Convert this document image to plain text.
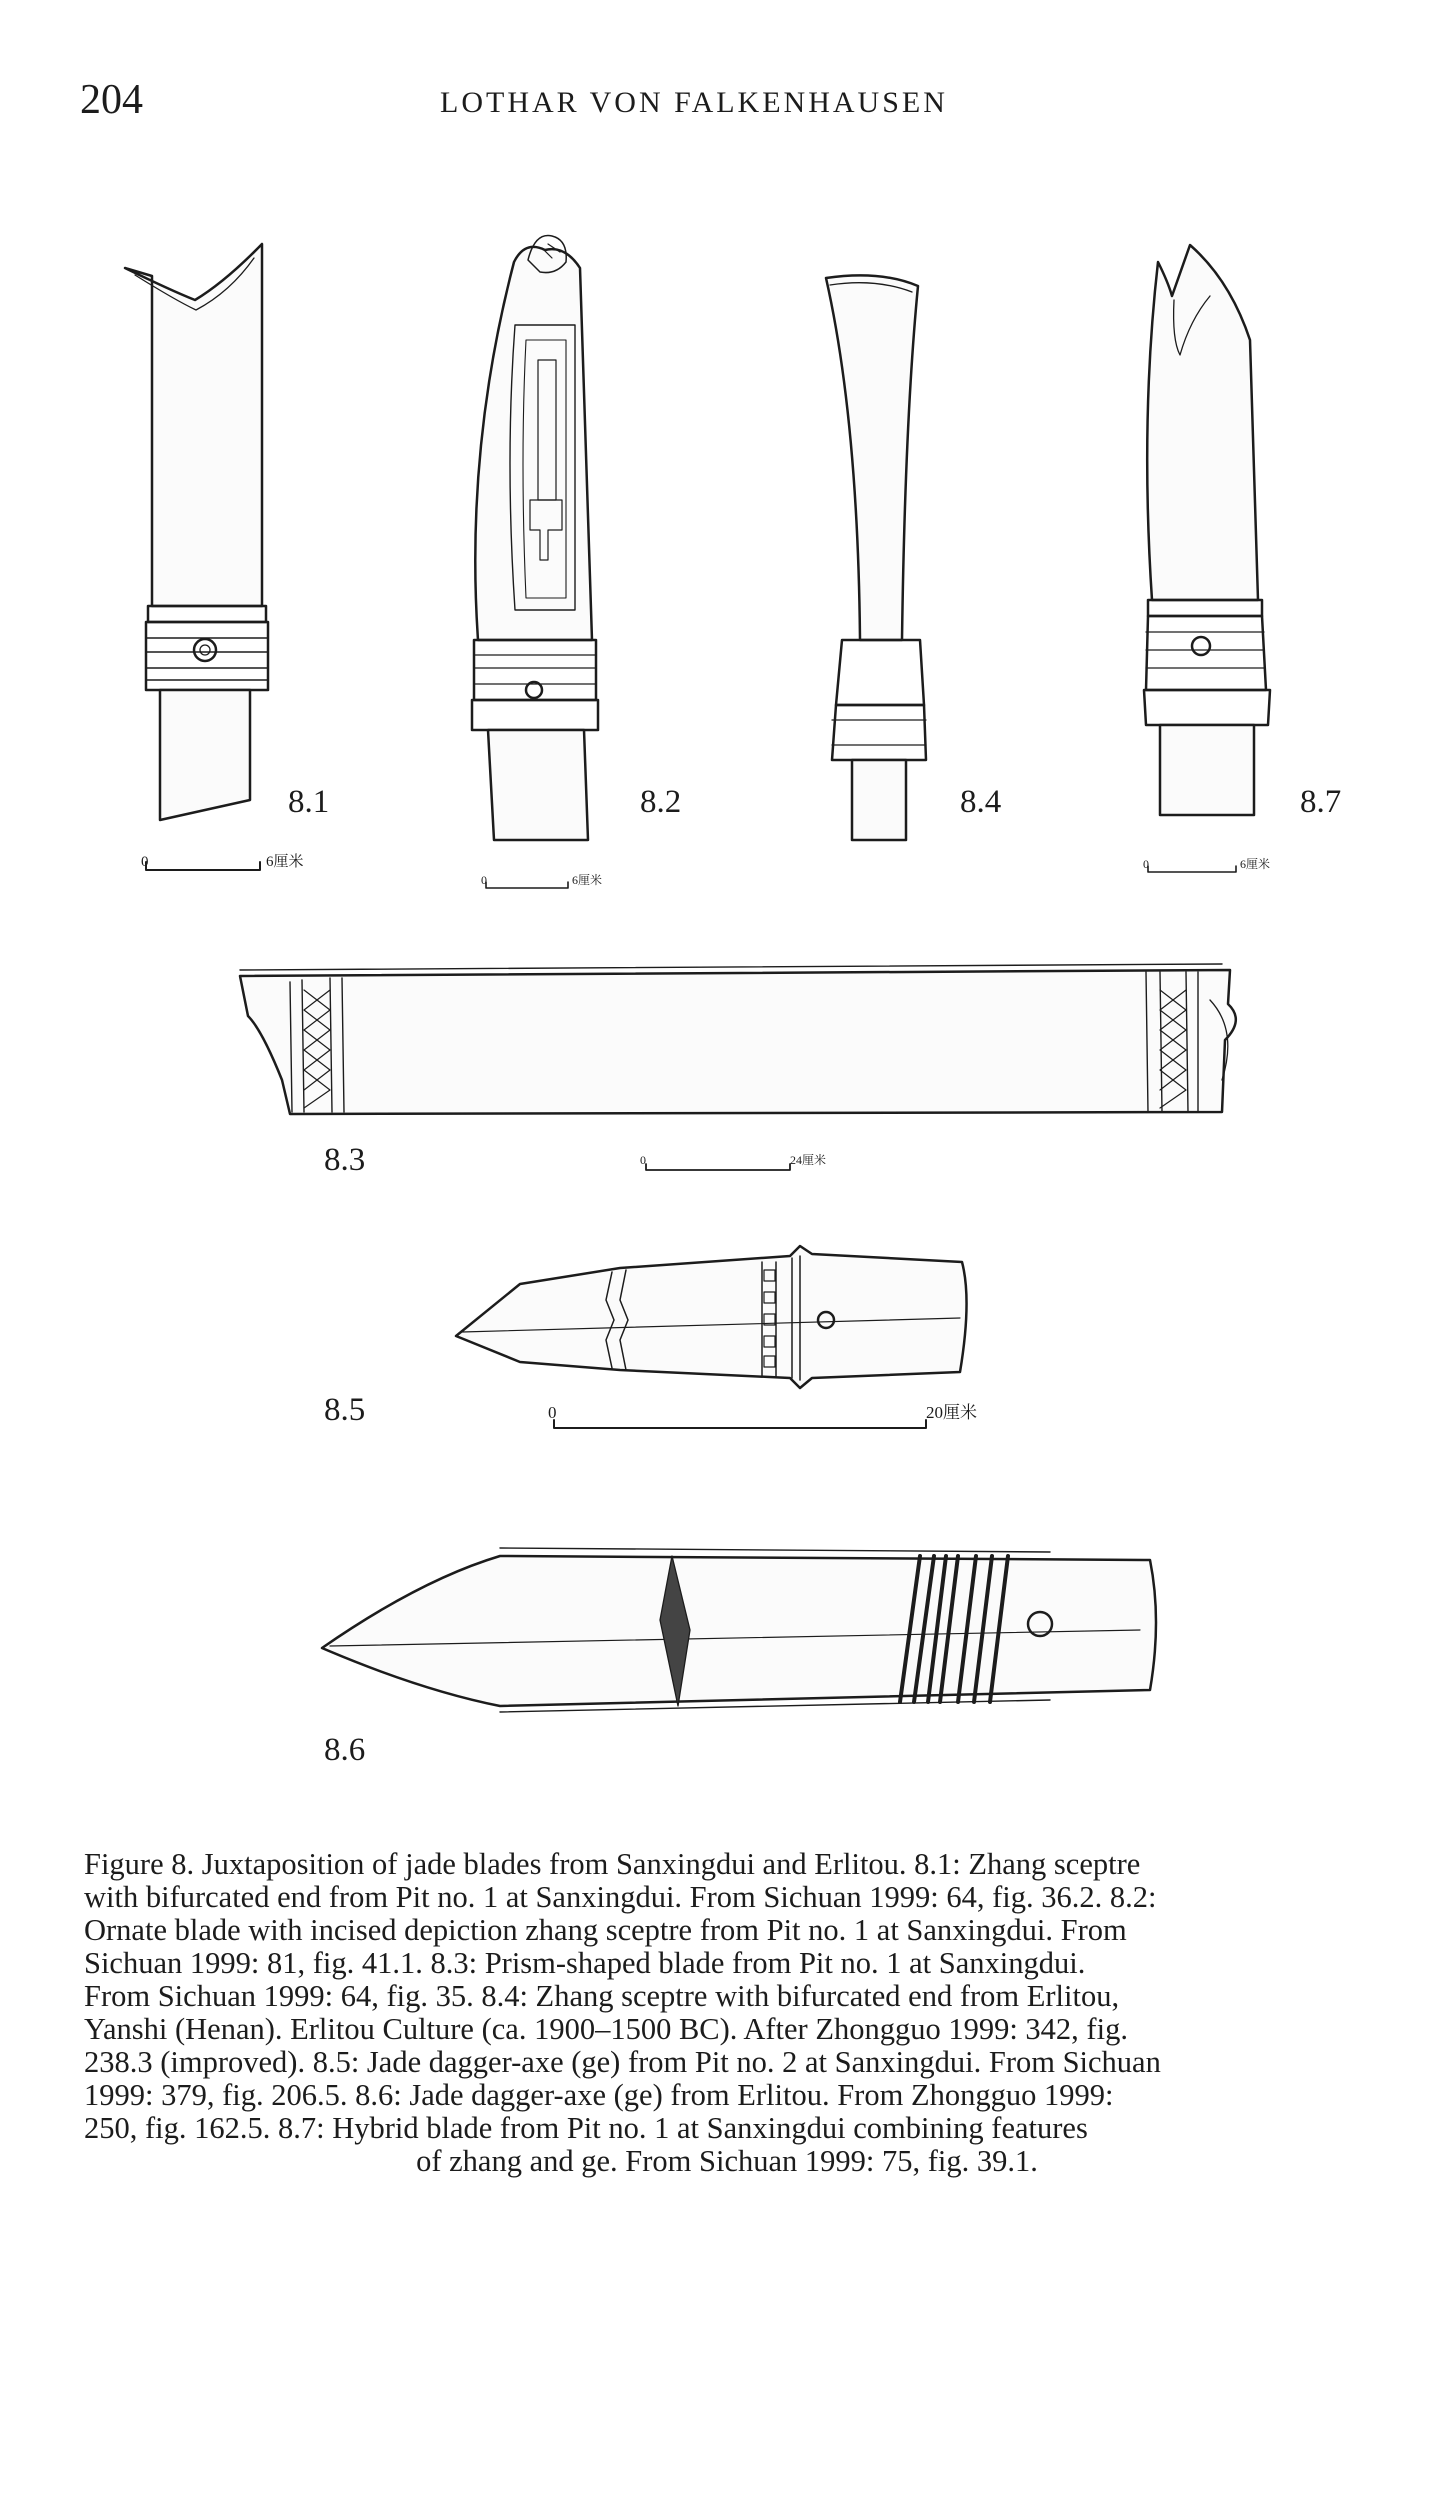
204	LOTHAR VON FALKENHAUSEN
8.1	8.2	8.4	8.7
0	6厘米
0	6厘米
0	6厘米
8.3	0	24厘米
8.5	0	20厘米
8.6

Figure 8. Juxtaposition of jade blades from Sanxingdui and Erlitou. 8.1: Zhang sceptre

with bifurcated end from Pit no. 1 at Sanxingdui. From Sichuan 1999: 64, fig. 36.2. 8.2:

Ornate blade with incised depiction zhang sceptre from Pit no. 1 at Sanxingdui. From

Sichuan 1999: 81, fig. 41.1. 8.3: Prism-shaped blade from Pit no. 1 at Sanxingdui.

From Sichuan 1999: 64, fig. 35. 8.4: Zhang sceptre with bifurcated end from Erlitou,

Yanshi (Henan). Erlitou Culture (ca. 1900–1500 BC). After Zhongguo 1999: 342, fig.

238.3 (improved). 8.5: Jade dagger-axe (ge) from Pit no. 2 at Sanxingdui. From Sichuan

1999: 379, fig. 206.5. 8.6: Jade dagger-axe (ge) from Erlitou. From Zhongguo 1999:

250, fig. 162.5. 8.7: Hybrid blade from Pit no. 1 at Sanxingdui combining features

of zhang and ge. From Sichuan 1999: 75, fig. 39.1.
